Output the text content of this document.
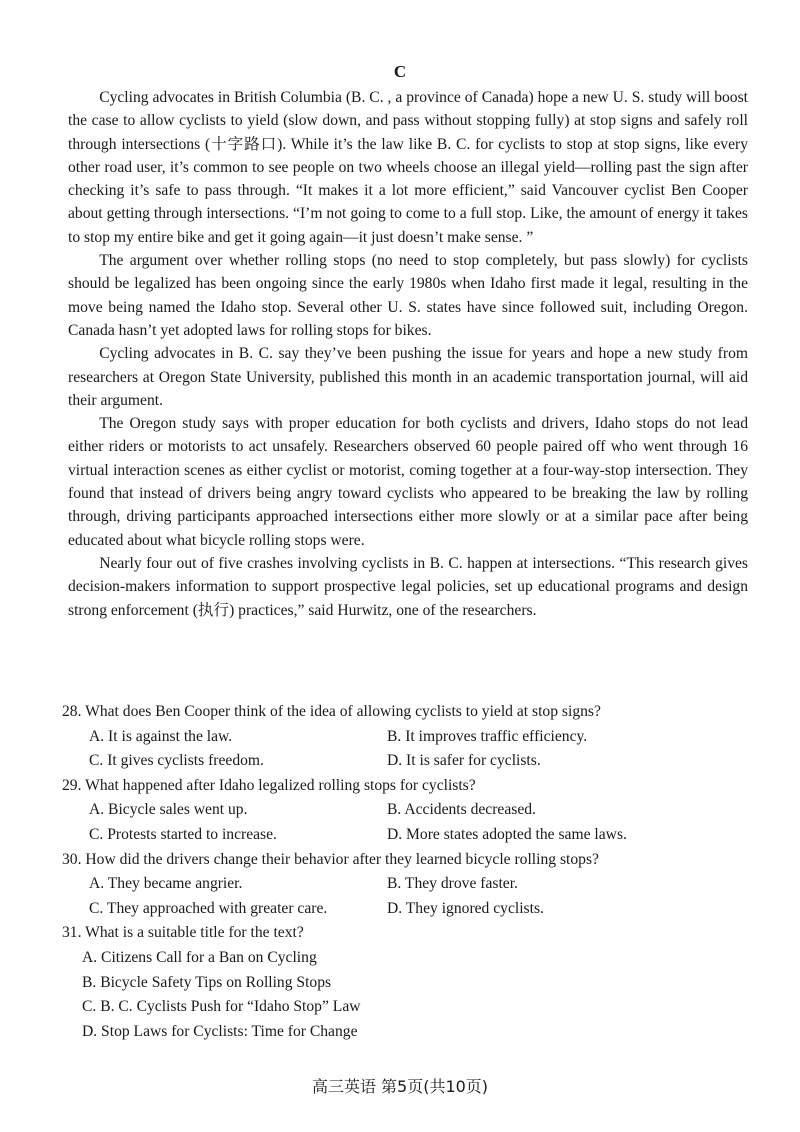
C

Cycling advocates in British Columbia (B. C. , a province of Canada) hope a new U. S. study will boost the case to allow cyclists to yield (slow down, and pass without stopping fully) at stop signs and safely roll through intersections (十字路口). While it’s the law like B. C. for cyclists to stop at stop signs, like every other road user, it’s common to see people on two wheels choose an illegal yield—rolling past the sign after checking it’s safe to pass through. “It makes it a lot more efficient,” said Vancouver cyclist Ben Cooper about getting through intersections. “I’m not going to come to a full stop. Like, the amount of energy it takes to stop my entire bike and get it going again—it just doesn’t make sense. ”

The argument over whether rolling stops (no need to stop completely, but pass slowly) for cyclists should be legalized has been ongoing since the early 1980s when Idaho first made it legal, resulting in the move being named the Idaho stop. Several other U. S. states have since followed suit, including Oregon. Canada hasn’t yet adopted laws for rolling stops for bikes.

Cycling advocates in B. C. say they’ve been pushing the issue for years and hope a new study from researchers at Oregon State University, published this month in an academic transportation journal, will aid their argument.

The Oregon study says with proper education for both cyclists and drivers, Idaho stops do not lead either riders or motorists to act unsafely. Researchers observed 60 people paired off who went through 16 virtual interaction scenes as either cyclist or motorist, coming together at a four-way-stop intersection. They found that instead of drivers being angry toward cyclists who appeared to be breaking the law by rolling through, driving participants approached intersections either more slowly or at a similar pace after being educated about what bicycle rolling stops were.

Nearly four out of five crashes involving cyclists in B. C. happen at intersections. “This research gives decision-makers information to support prospective legal policies, set up educational programs and design strong enforcement (执行) practices,” said Hurwitz, one of the researchers.

28. What does Ben Cooper think of the idea of allowing cyclists to yield at stop signs?
A. It is against the law.	B. It improves traffic efficiency.
C. It gives cyclists freedom.	D. It is safer for cyclists.
29. What happened after Idaho legalized rolling stops for cyclists?
A. Bicycle sales went up.	B. Accidents decreased.
C. Protests started to increase.	D. More states adopted the same laws.
30. How did the drivers change their behavior after they learned bicycle rolling stops?
A. They became angrier.	B. They drove faster.
C. They approached with greater care.	D. They ignored cyclists.
31. What is a suitable title for the text?
A. Citizens Call for a Ban on Cycling
B. Bicycle Safety Tips on Rolling Stops
C. B. C. Cyclists Push for “Idaho Stop” Law
D. Stop Laws for Cyclists: Time for Change
高三英语 第5页(共10页)
